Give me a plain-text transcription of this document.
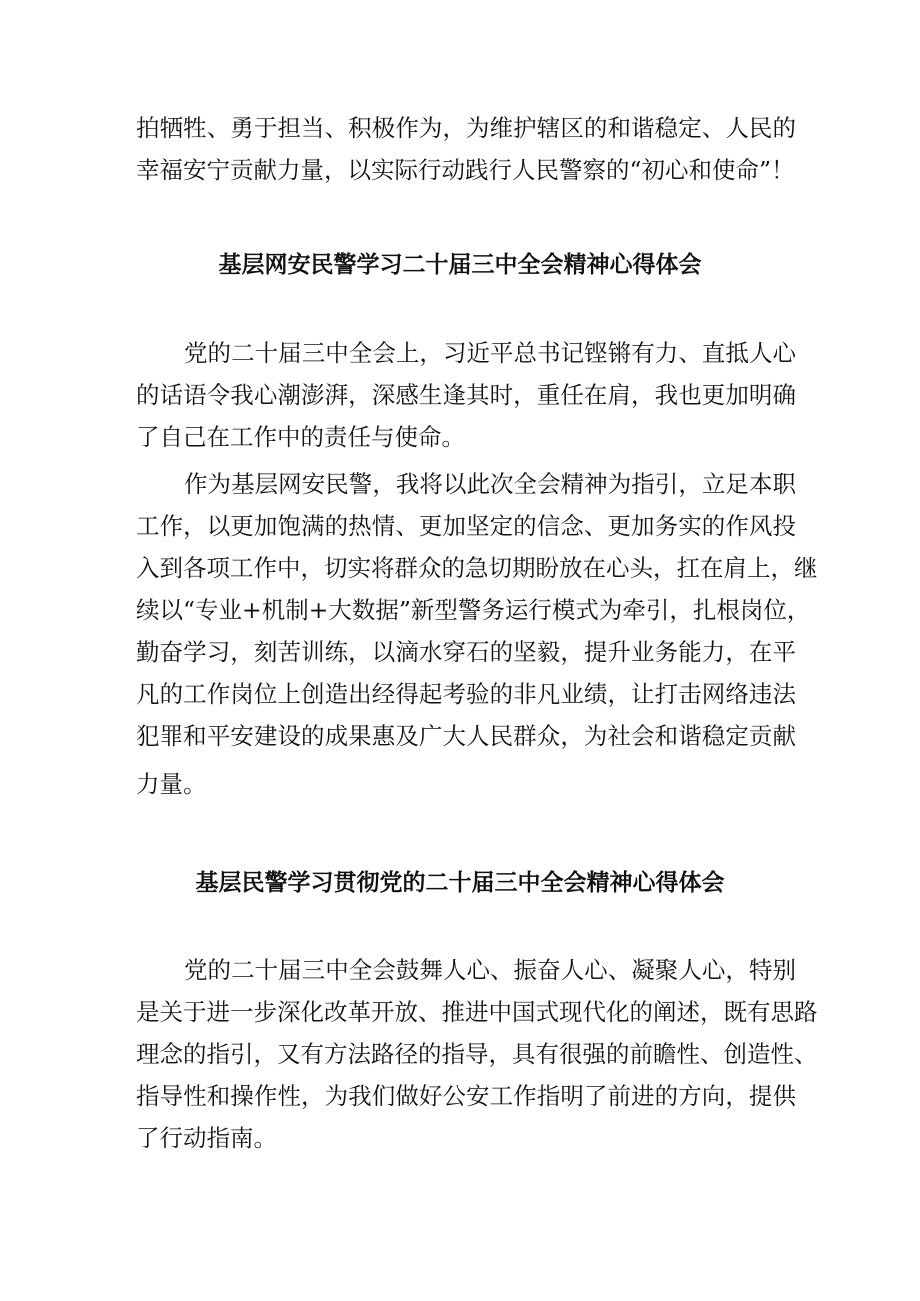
拍牺牲、勇于担当、积极作为，为维护辖区的和谐稳定、人民的

幸福安宁贡献力量，以实际行动践行人民警察的“初心和使命”！

基层网安民警学习二十届三中全会精神心得体会

党的二十届三中全会上，习近平总书记铿锵有力、直抵人心

的话语令我心潮澎湃，深感生逢其时，重任在肩，我也更加明确

了自己在工作中的责任与使命。

作为基层网安民警，我将以此次全会精神为指引，立足本职

工作，以更加饱满的热情、更加坚定的信念、更加务实的作风投

入到各项工作中，切实将群众的急切期盼放在心头，扛在肩上，继

续以“专业+机制+大数据”新型警务运行模式为牵引，扎根岗位，

勤奋学习，刻苦训练，以滴水穿石的坚毅，提升业务能力，在平

凡的工作岗位上创造出经得起考验的非凡业绩，让打击网络违法

犯罪和平安建设的成果惠及广大人民群众，为社会和谐稳定贡献

力量。

基层民警学习贯彻党的二十届三中全会精神心得体会

党的二十届三中全会鼓舞人心、振奋人心、凝聚人心，特别

是关于进一步深化改革开放、推进中国式现代化的阐述，既有思路

理念的指引，又有方法路径的指导，具有很强的前瞻性、创造性、

指导性和操作性，为我们做好公安工作指明了前进的方向，提供

了行动指南。
